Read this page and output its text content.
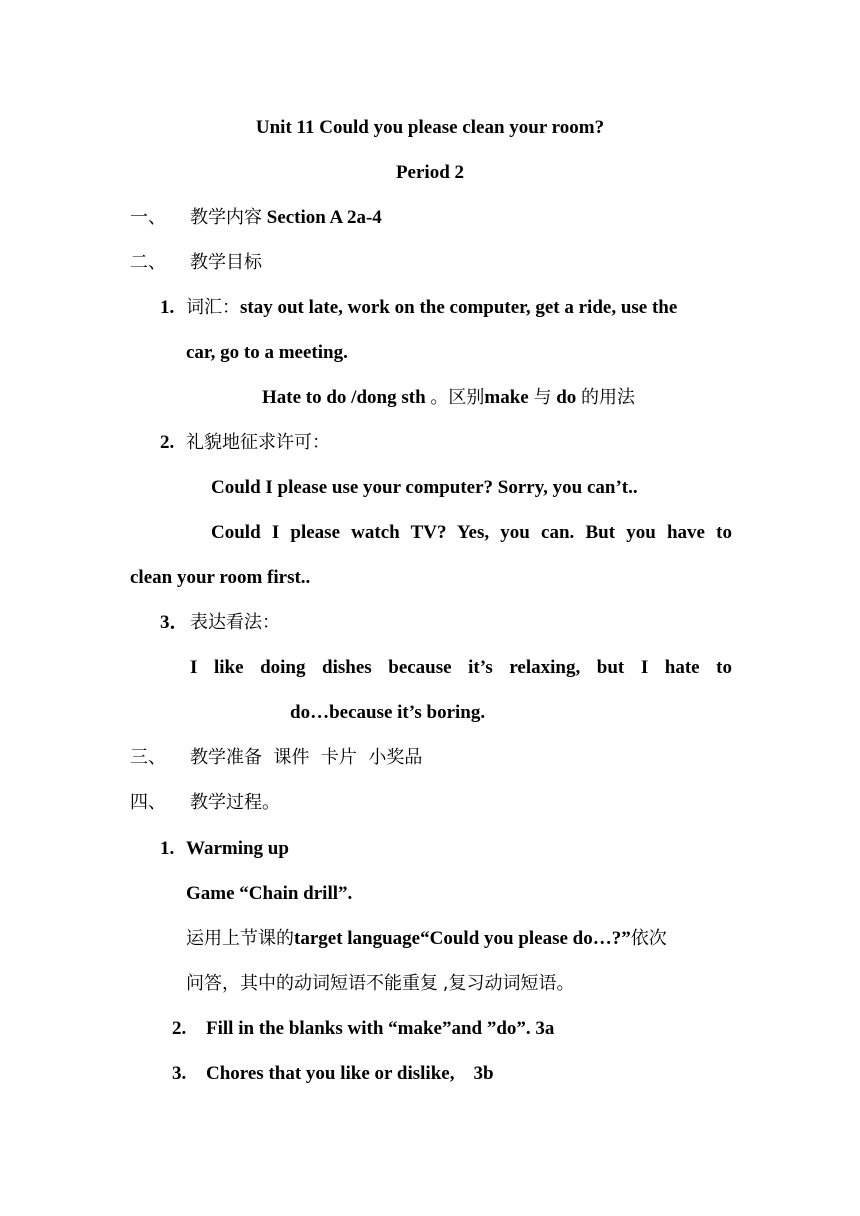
Unit 11 Could you please clean your room?
Period 2
一、 教学内容 Section A 2a-4
二、 教学目标
1. 词汇：stay out late, work on the computer, get a ride, use the
car, go to a meeting.
Hate to do /dong sth 。区别make 与 do 的用法
2. 礼貌地征求许可：
Could I please use your computer? Sorry, you can’t..
Could I please watch TV? Yes, you can. But you have to
clean your room first..
3． 表达看法：
I like doing dishes because it’s relaxing, but I hate to
do…because it’s boring.
三、 教学准备  课件  卡片  小奖品
四、 教学过程。
1. Warming up
Game “Chain drill”.
运用上节课的target language“Could you please do…?”依次
问答，其中的动词短语不能重复 ,复习动词短语。
2. Fill in the blanks with “make”and ”do”. 3a
3. Chores that you like or dislike,    3b
